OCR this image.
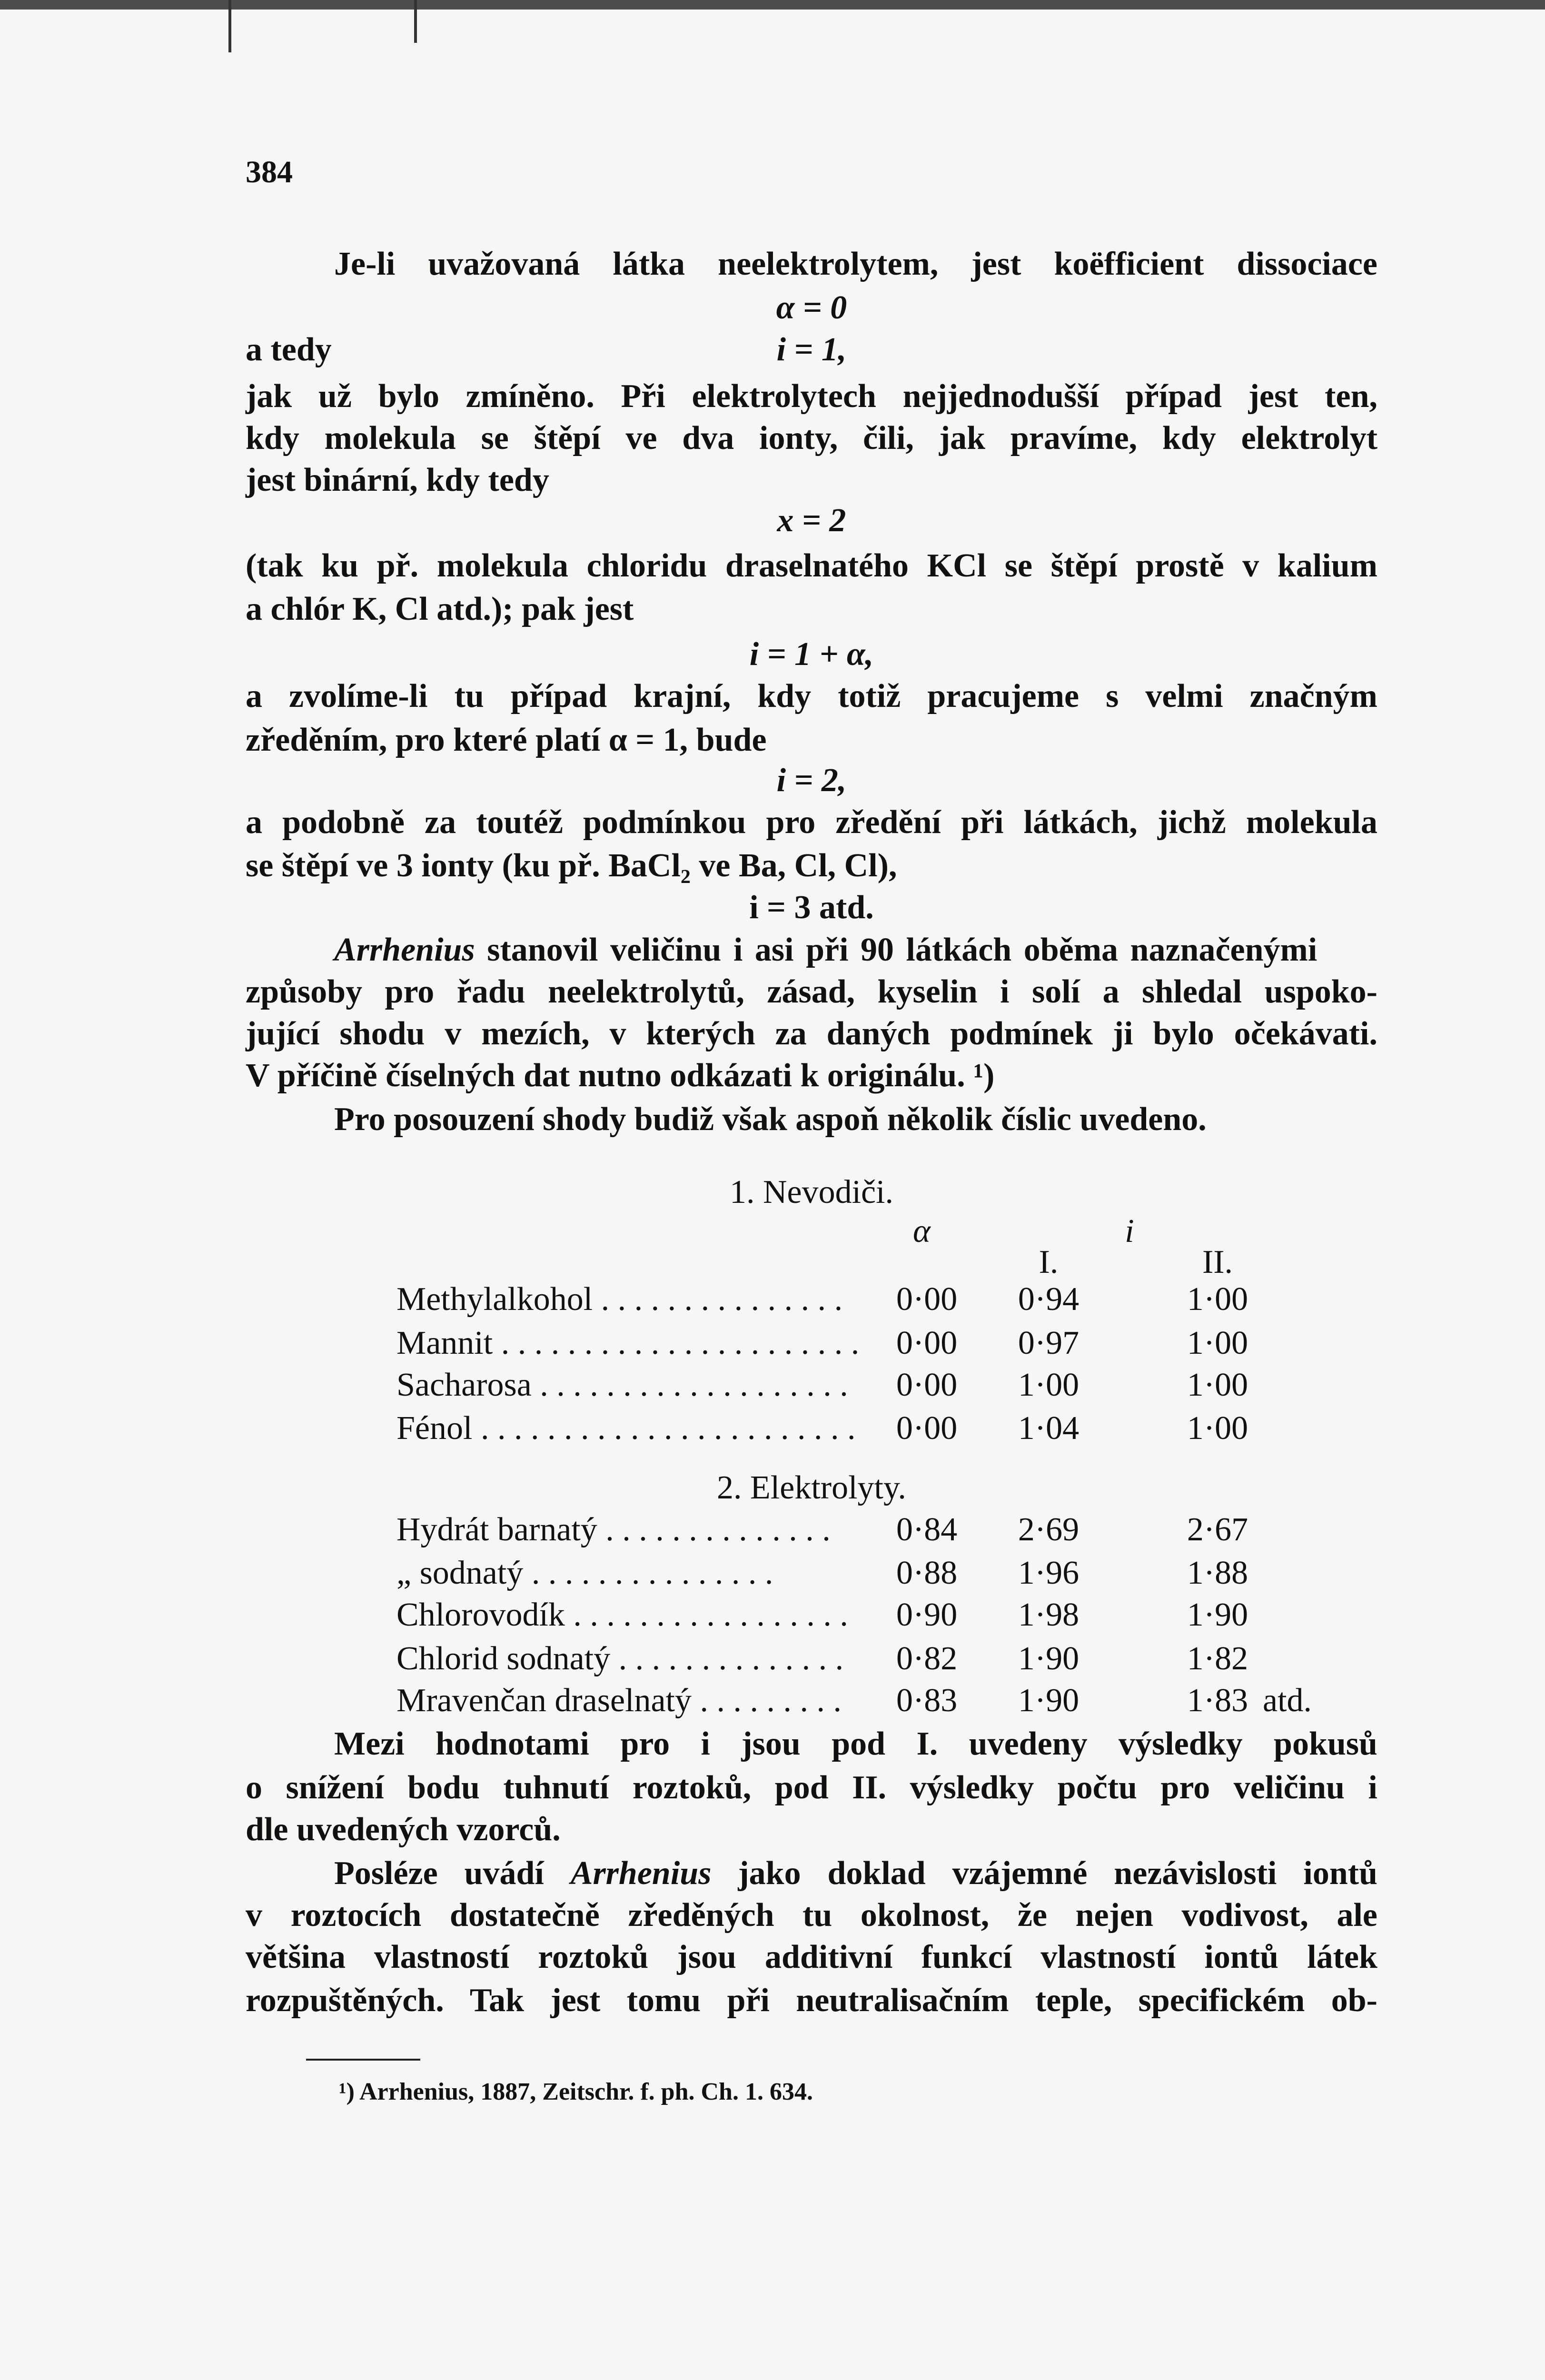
384
Je-li uvažovaná látka neelektrolytem, jest koëfficient dissociace
α = 0
a tedy	i = 1,
jak už bylo zmíněno. Při elektrolytech nejjednodušší případ jest ten,
kdy molekula se štěpí ve dva ionty, čili, jak pravíme, kdy elektrolyt
jest binární, kdy tedy
x = 2
(tak ku př. molekula chloridu draselnatého KCl se štěpí prostě v kalium
a chlór K, Cl atd.); pak jest
i = 1 + α,
a zvolíme-li tu případ krajní, kdy totiž pracujeme s velmi značným
zředěním, pro které platí α = 1, bude
i = 2,
a podobně za toutéž podmínkou pro zředění při látkách, jichž molekula
se štěpí ve 3 ionty (ku př. BaCl₂ ve Ba, Cl, Cl),
i = 3 atd.
Arrhenius stanovil veličinu i asi při 90 látkách oběma naznačenými
způsoby pro řadu neelektrolytů, zásad, kyselin i solí a shledal uspoko-
jující shodu v mezích, v kterých za daných podmínek ji bylo očekávati.
V příčině číselných dat nutno odkázati k originálu. ¹)
Pro posouzení shody budiž však aspoň několik číslic uvedeno.
1. Nevodiči.
α	i
I.	II.
Methylalkohol . . . . . . . . . . . . . . .	0·00	0·94	1·00
Mannit . . . . . . . . . . . . . . . . . . . . . .	0·00	0·97	1·00
Sacharosa . . . . . . . . . . . . . . . . . . .	0·00	1·00	1·00
Fénol . . . . . . . . . . . . . . . . . . . . . . .	0·00	1·04	1·00
2. Elektrolyty.
Hydrát barnatý . . . . . . . . . . . . . .	0·84	2·69	2·67
„ sodnatý . . . . . . . . . . . . . . .	0·88	1·96	1·88
Chlorovodík . . . . . . . . . . . . . . . . .	0·90	1·98	1·90
Chlorid sodnatý . . . . . . . . . . . . . .	0·82	1·90	1·82
Mravenčan draselnatý . . . . . . . . .	0·83	1·90	1·83 atd.
Mezi hodnotami pro i jsou pod I. uvedeny výsledky pokusů
o snížení bodu tuhnutí roztoků, pod II. výsledky počtu pro veličinu i
dle uvedených vzorců.
Posléze uvádí Arrhenius jako doklad vzájemné nezávislosti iontů
v roztocích dostatečně zředěných tu okolnost, že nejen vodivost, ale
většina vlastností roztoků jsou additivní funkcí vlastností iontů látek
rozpuštěných. Tak jest tomu při neutralisačním teple, specifickém ob-
¹) Arrhenius, 1887, Zeitschr. f. ph. Ch. 1. 634.
